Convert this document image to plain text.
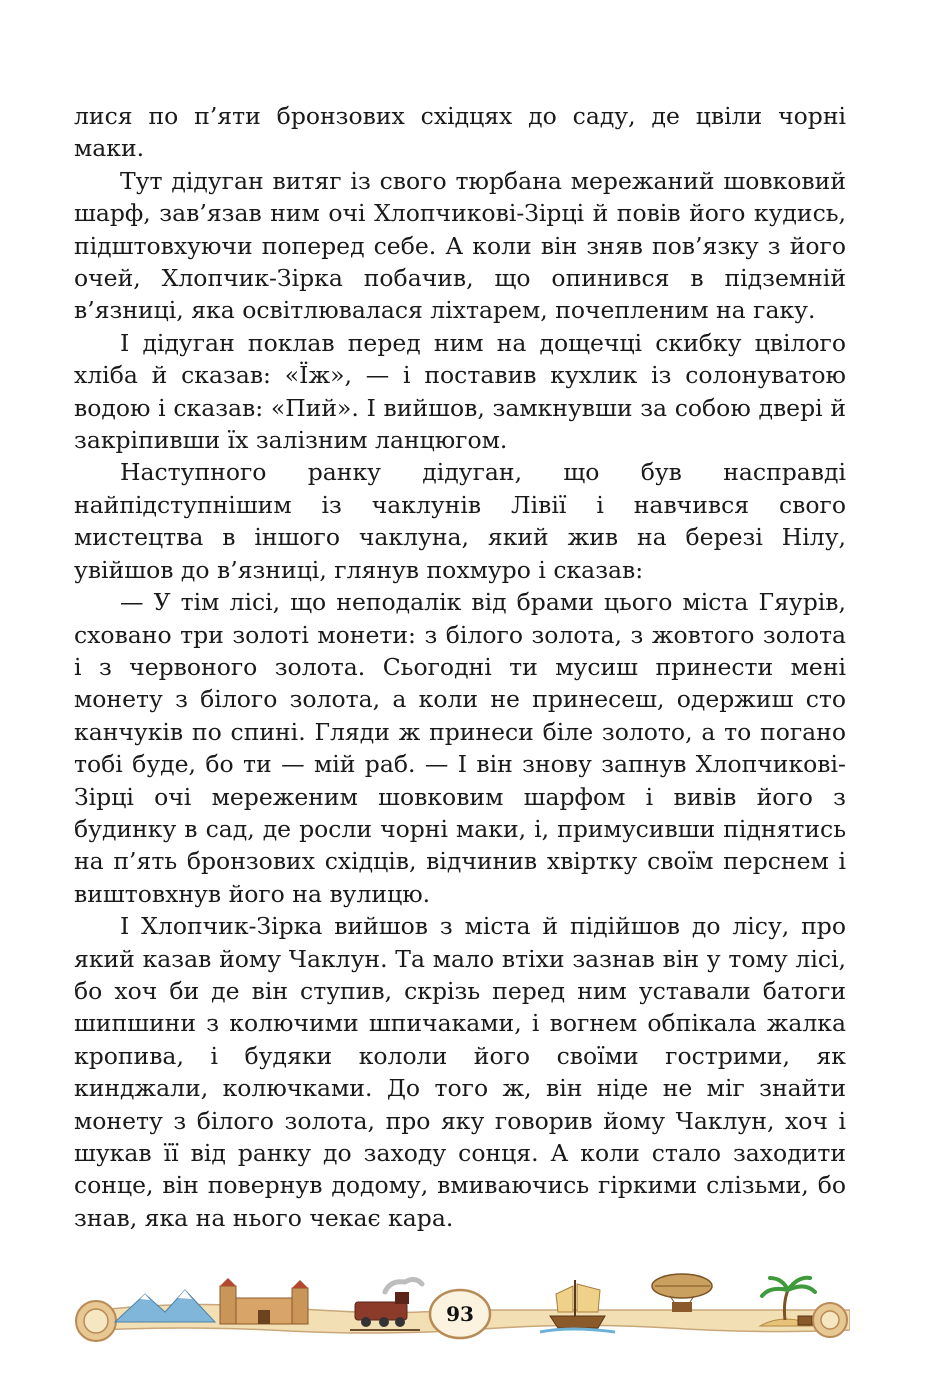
лися по п’яти бронзових східцях до саду, де цвіли чорні маки.

Тут дідуган витяг із свого тюрбана мережаний шовковий шарф, зав’язав ним очі Хлопчикові-Зірці й повів його кудись, підштовхуючи поперед себе. А коли він зняв пов’язку з його очей, Хлопчик-Зірка побачив, що опинився в підземній в’язниці, яка освітлювалася ліхтарем, почепленим на гаку.

І дідуган поклав перед ним на дощечці скибку цвілого хліба й сказав: «Їж», — і поставив кухлик із солонуватою водою і сказав: «Пий». І вийшов, замкнувши за собою двері й закріпивши їх залізним ланцюгом.

Наступного ранку дідуган, що був насправді найпідступнішим із чаклунів Лівії і навчився свого мистецтва в іншого чаклуна, який жив на березі Нілу, увійшов до в’язниці, глянув похмуро і сказав:

— У тім лісі, що неподалік від брами цього міста Гяурів, сховано три золоті монети: з білого золота, з жовтого золота і з червоного золота. Сьогодні ти мусиш принести мені монету з білого золота, а коли не принесеш, одержиш сто канчуків по спині. Гляди ж принеси біле золото, а то погано тобі буде, бо ти — мій раб. — І він знову запнув Хлопчикові-Зірці очі мереженим шовковим шарфом і вивів його з будинку в сад, де росли чорні маки, і, примусивши піднятись на п’ять бронзових східців, відчинив хвіртку своїм перснем і виштовхнув його на вулицю.

І Хлопчик-Зірка вийшов з міста й підійшов до лісу, про який казав йому Чаклун. Та мало втіхи зазнав він у тому лісі, бо хоч би де він ступив, скрізь перед ним уставали батоги шипшини з колючими шпичаками, і вогнем обпікала жалка кропива, і будяки кололи його своїми гострими, як кинджали, колючками. До того ж, він ніде не міг знайти монету з білого золота, про яку говорив йому Чаклун, хоч і шукав її від ранку до заходу сонця. А коли стало заходити сонце, він повернув додому, вмиваючись гіркими слізьми, бо знав, яка на нього чекає кара.

93
